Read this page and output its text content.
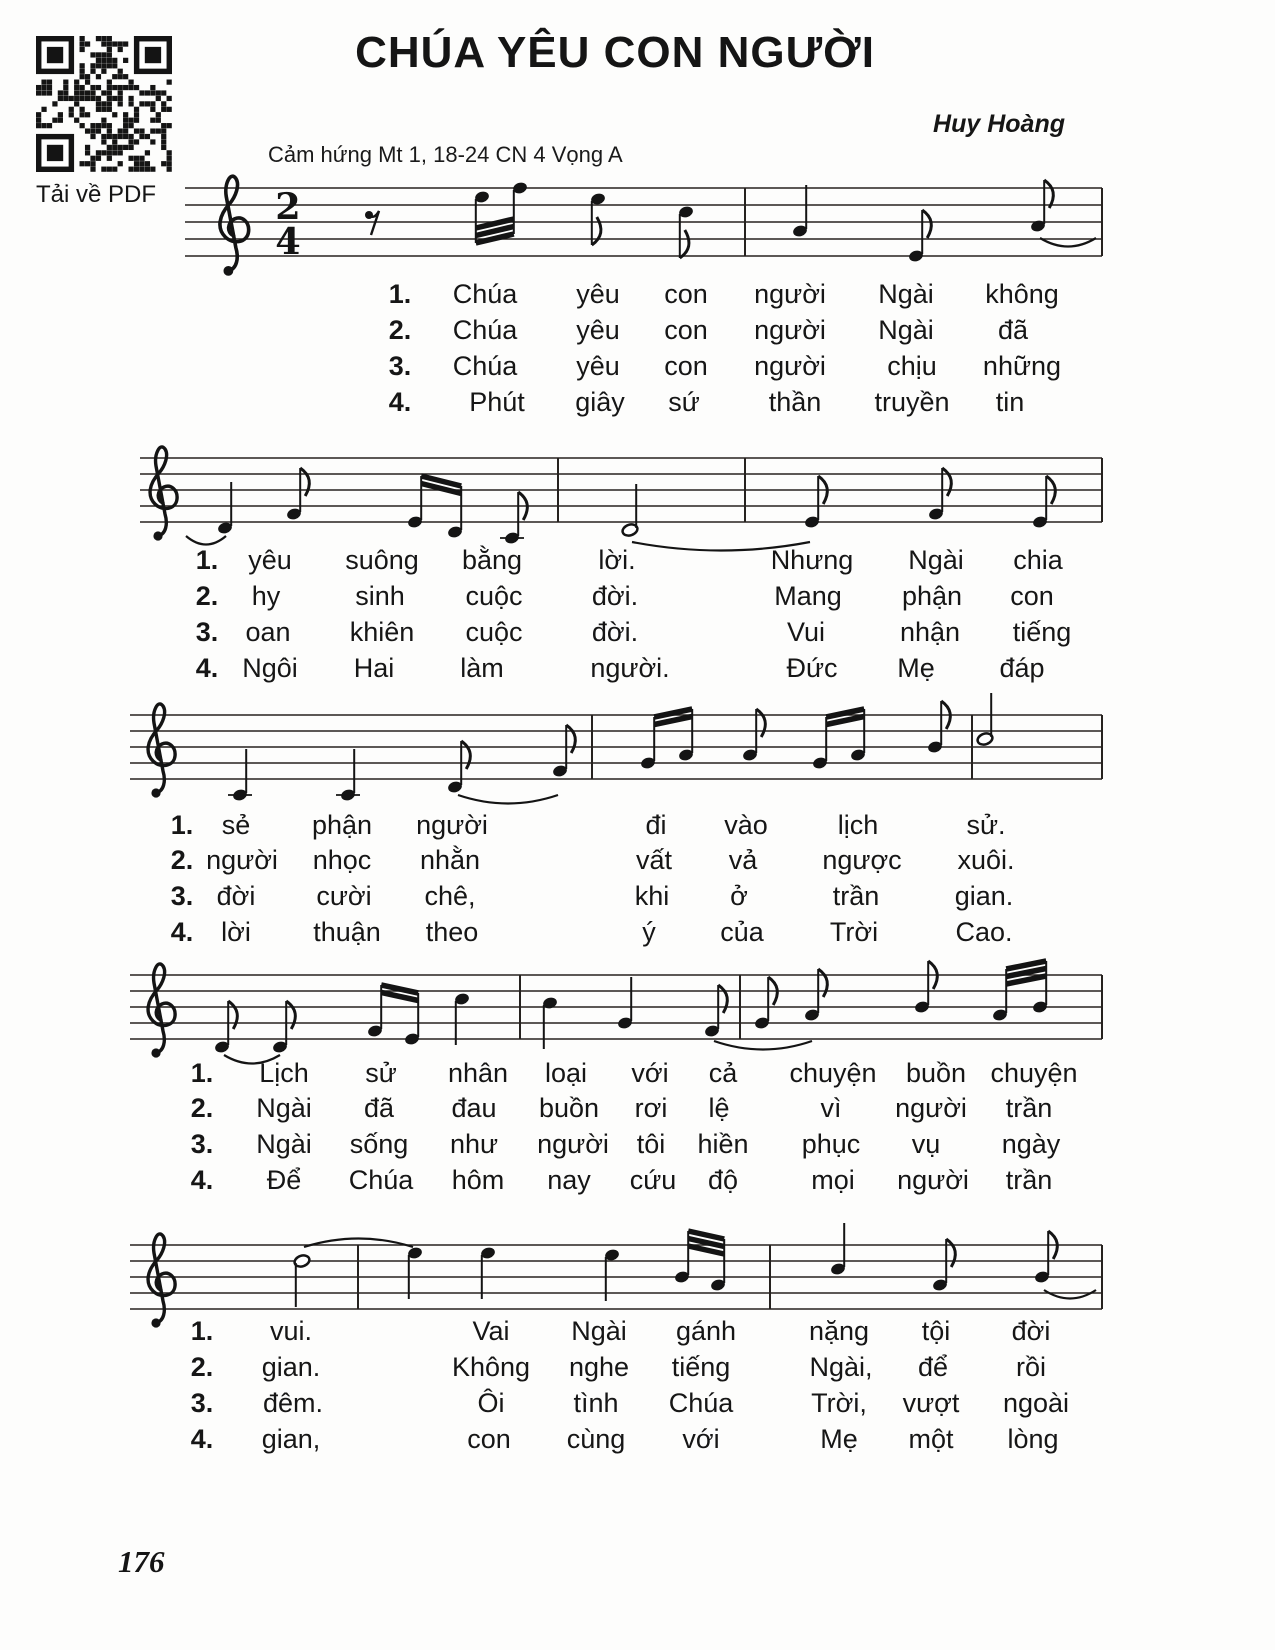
Tải về PDF
CHÚA YÊU CON NGƯỜI
Huy Hoàng
Cảm hứng Mt 1, 18-24 CN 4 Vọng A
2
4
1. Chúa yêu con người Ngài không
2. Chúa yêu con người Ngài đã
3. Chúa yêu con người chịu những
4. Phút giây sứ	thần truyền tin
1. yêu suông bằng	lời.	Nhưng Ngài chia
2. hy	sinh cuộc	đời.	Mang phận con
3. oan khiên cuộc	đời.	Vui	nhận tiếng
4. Ngôi Hai làm	người.	Đức Mẹ đáp
1. sẻ phận người	đi vào	lịch	sử.
2. người nhọc nhằn	vất vả ngược xuôi.
3. đời cười chê,	khi ở	trần	gian.
4. lời thuận theo	ý của Trời	Cao.
1. Lịch sử nhân loại với cả chuyện buồn chuyện
2. Ngài đã đau buồn rơi lệ	vì người trần
3. Ngài sống như người tôi hiền phục vụ ngày
4. Để Chúa hôm nay cứu độ	mọi người trần
1. vui.	Vai Ngài gánh	nặng tội đời
2. gian.	Không nghe tiếng	Ngài, để	rồi
3. đêm.	Ôi	tình Chúa	Trời, vượt ngoài
4. gian,	con cùng với	Mẹ một lòng
176
